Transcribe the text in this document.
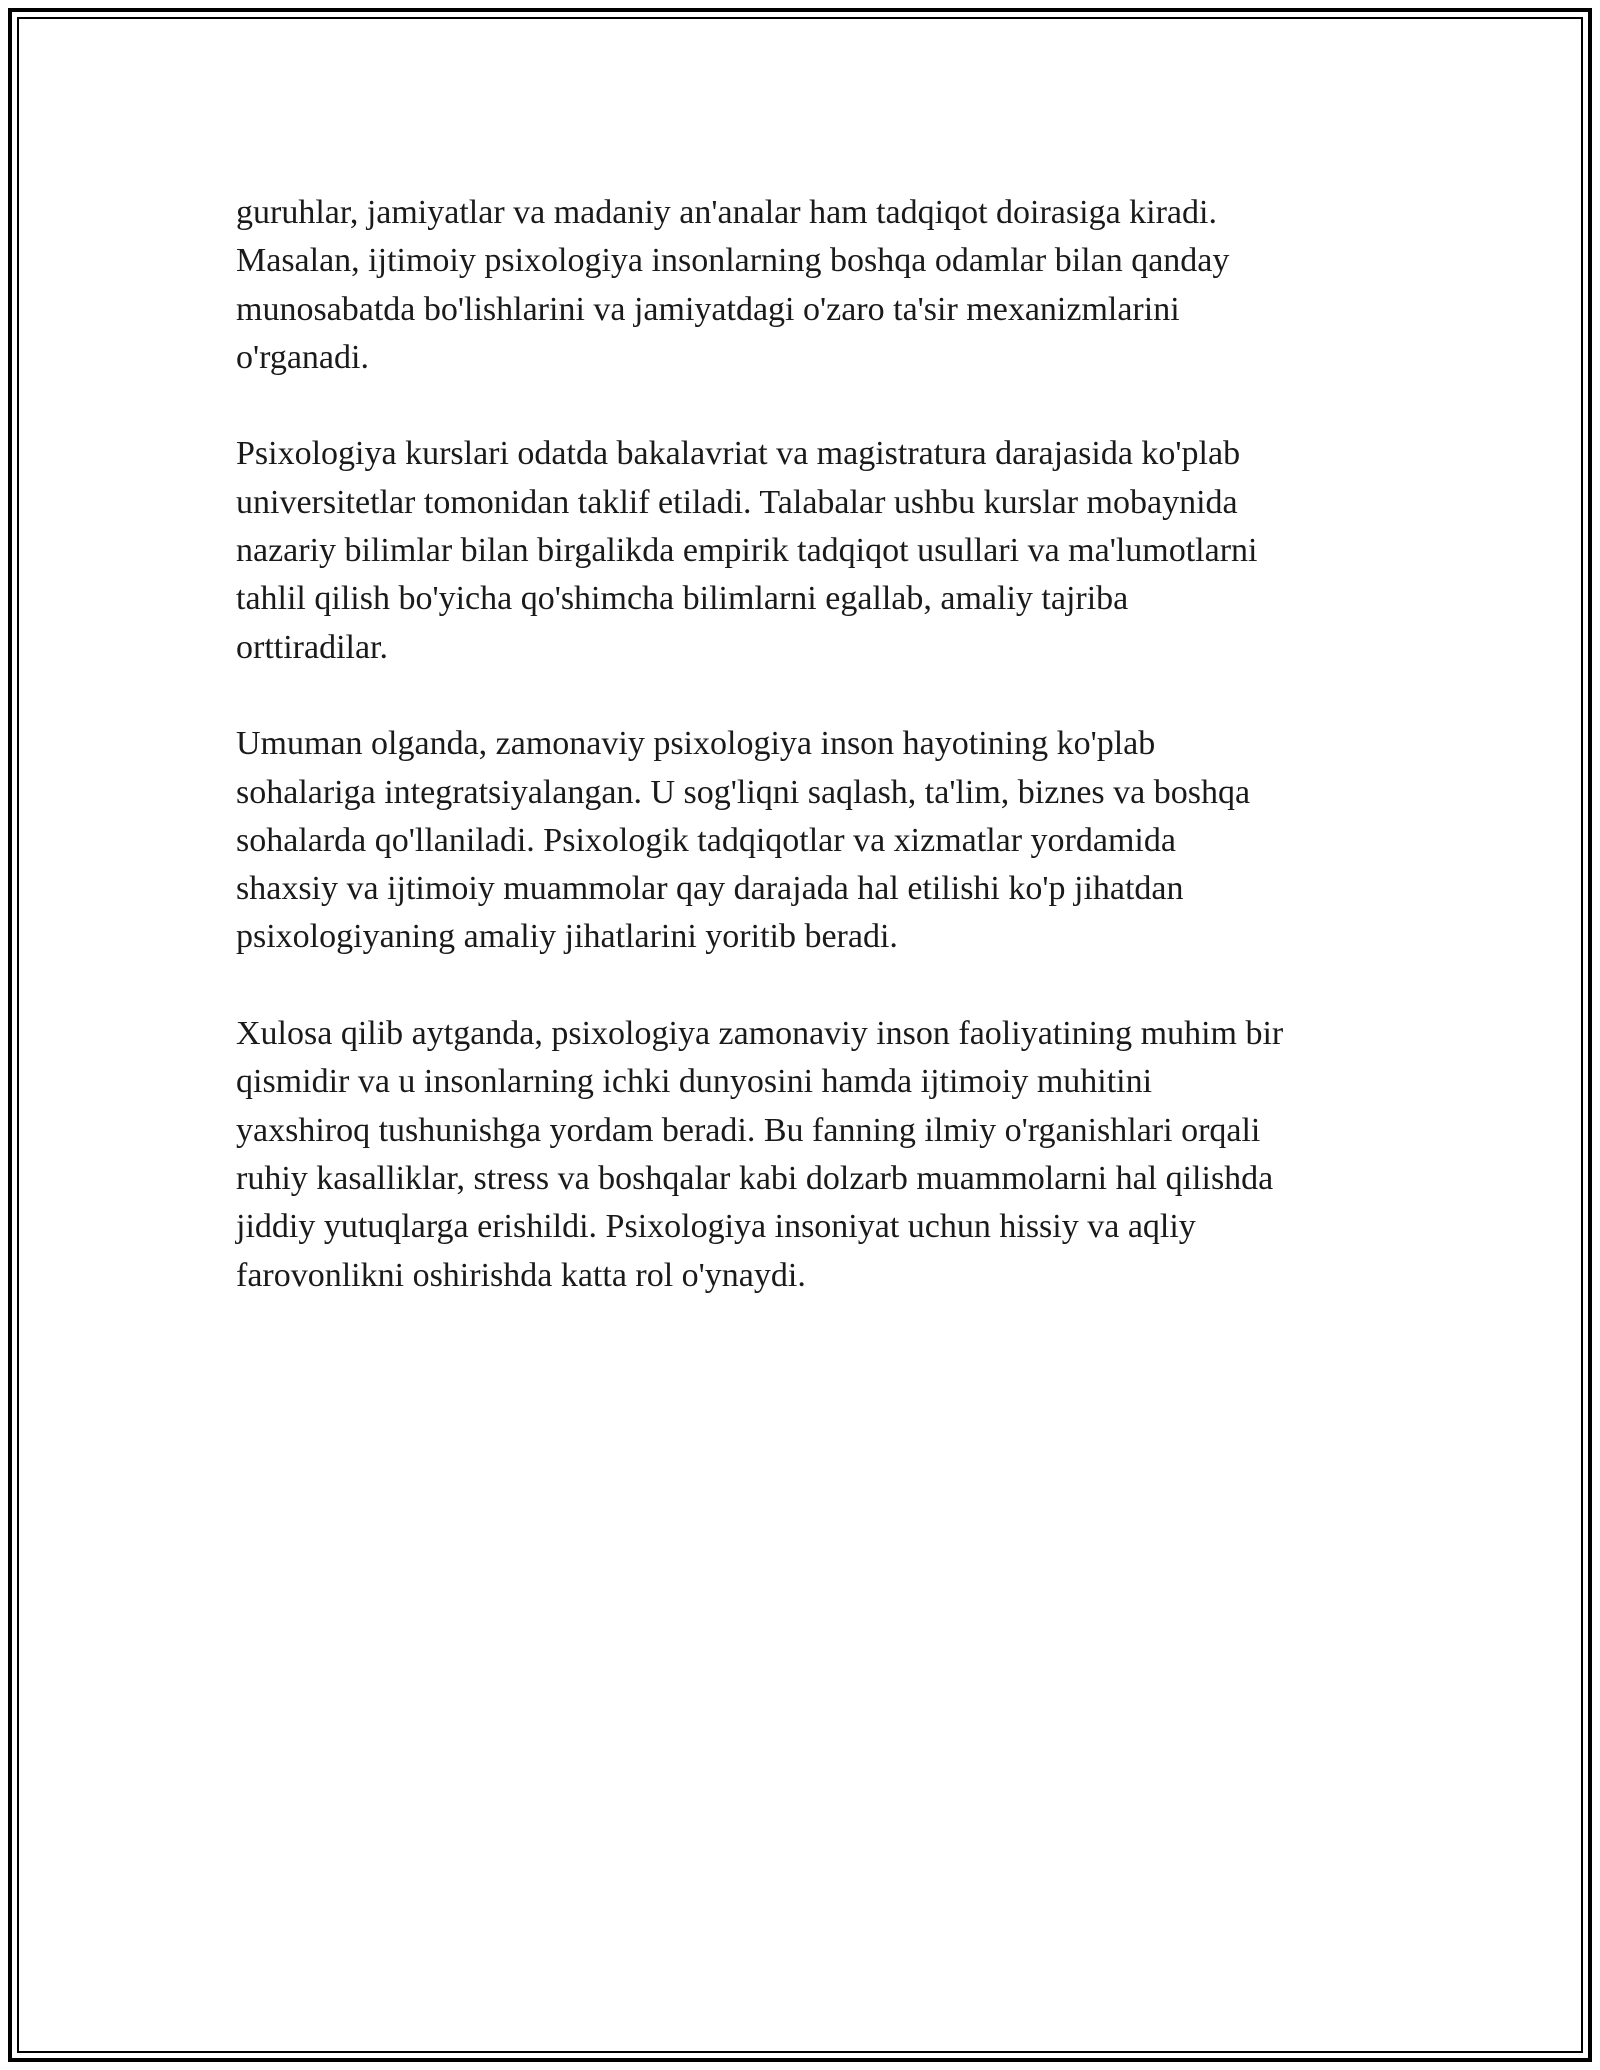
guruhlar, jamiyatlar va madaniy an'analar ham tadqiqot doirasiga kiradi.
Masalan, ijtimoiy psixologiya insonlarning boshqa odamlar bilan qanday
munosabatda bo'lishlarini va jamiyatdagi o'zaro ta'sir mexanizmlarini
o'rganadi.

Psixologiya kurslari odatda bakalavriat va magistratura darajasida ko'plab
universitetlar tomonidan taklif etiladi. Talabalar ushbu kurslar mobaynida
nazariy bilimlar bilan birgalikda empirik tadqiqot usullari va ma'lumotlarni
tahlil qilish bo'yicha qo'shimcha bilimlarni egallab, amaliy tajriba
orttiradilar.

Umuman olganda, zamonaviy psixologiya inson hayotining ko'plab
sohalariga integratsiyalangan. U sog'liqni saqlash, ta'lim, biznes va boshqa
sohalarda qo'llaniladi. Psixologik tadqiqotlar va xizmatlar yordamida
shaxsiy va ijtimoiy muammolar qay darajada hal etilishi ko'p jihatdan
psixologiyaning amaliy jihatlarini yoritib beradi.

Xulosa qilib aytganda, psixologiya zamonaviy inson faoliyatining muhim bir
qismidir va u insonlarning ichki dunyosini hamda ijtimoiy muhitini
yaxshiroq tushunishga yordam beradi. Bu fanning ilmiy o'rganishlari orqali
ruhiy kasalliklar, stress va boshqalar kabi dolzarb muammolarni hal qilishda
jiddiy yutuqlarga erishildi. Psixologiya insoniyat uchun hissiy va aqliy
farovonlikni oshirishda katta rol o'ynaydi.
